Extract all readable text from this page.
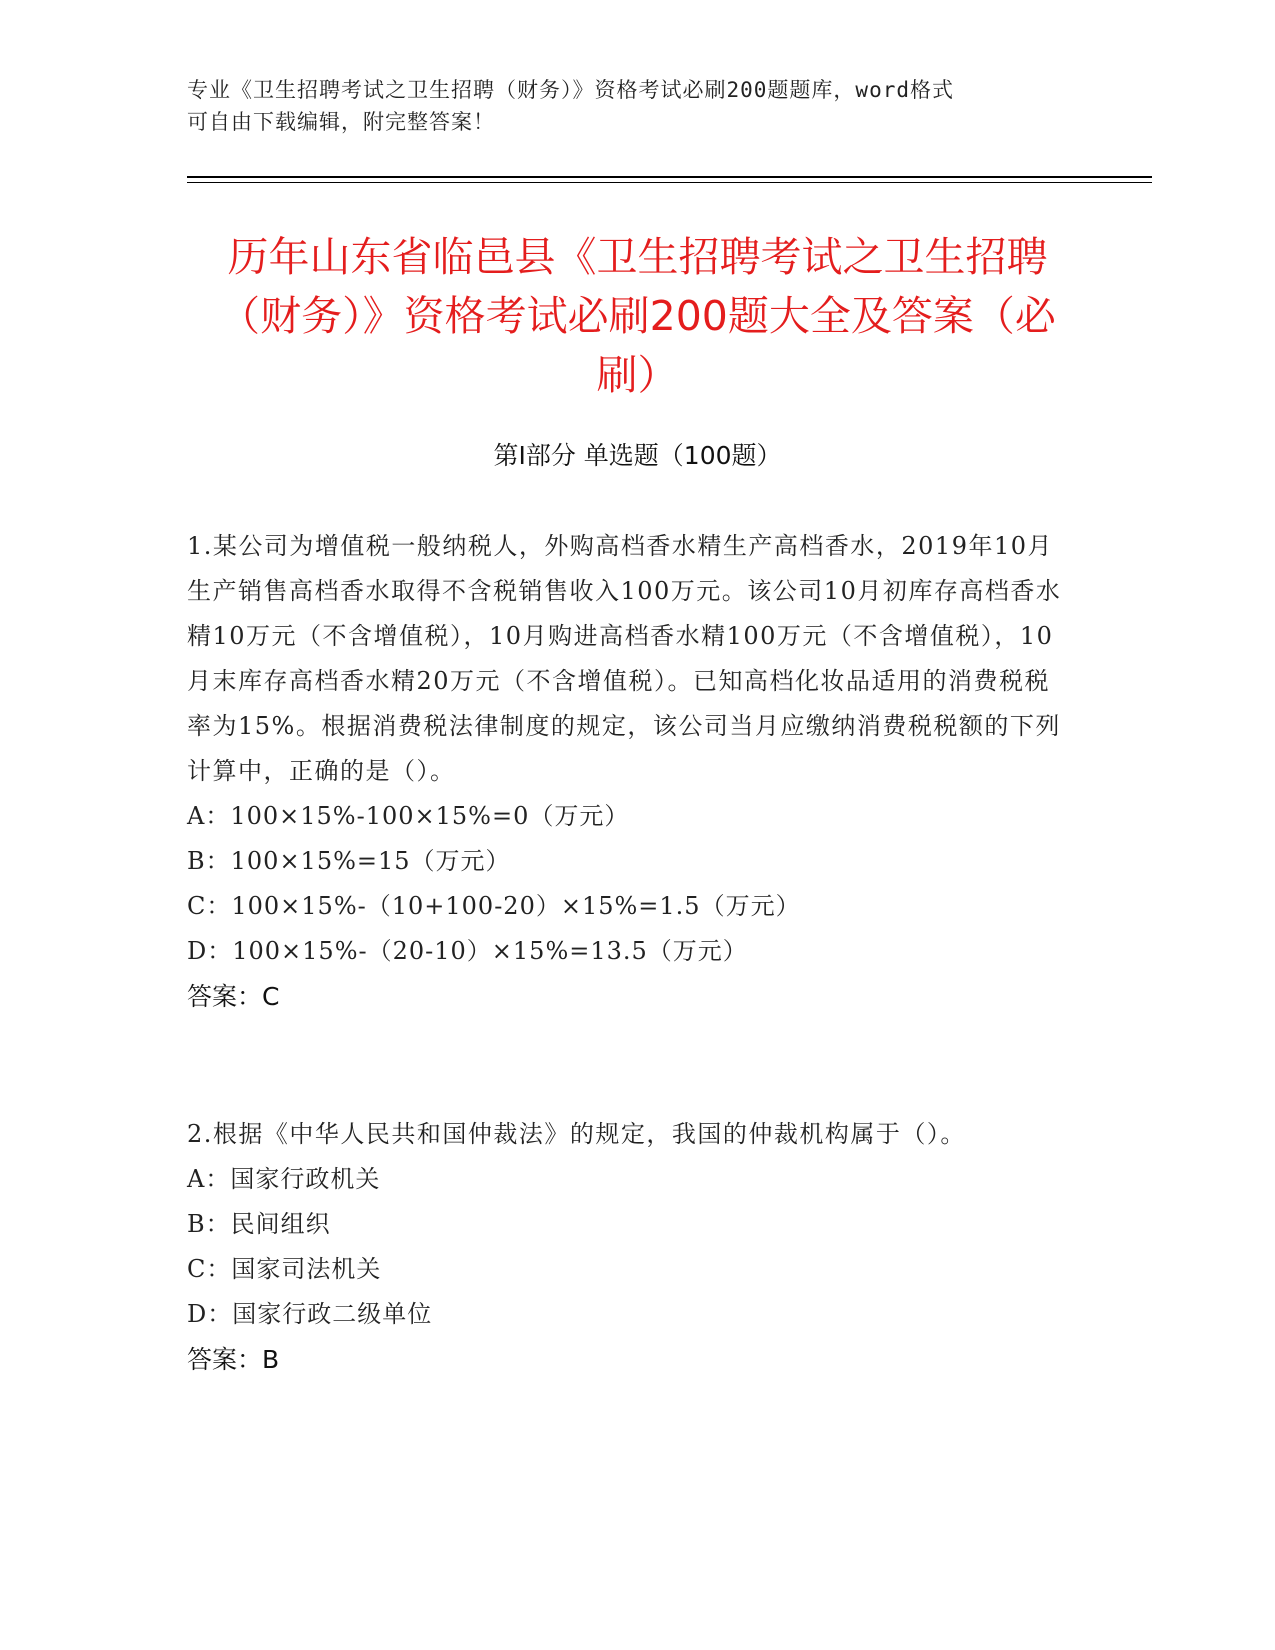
专业《卫生招聘考试之卫生招聘（财务）》资格考试必刷200题题库，word格式
可自由下载编辑，附完整答案！
历年山东省临邑县《卫生招聘考试之卫生招聘（财务）》资格考试必刷200题大全及答案（必刷）
第Ⅰ部分 单选题（100题）
1.某公司为增值税一般纳税人，外购高档香水精生产高档香水，2019年10月生产销售高档香水取得不含税销售收入100万元。该公司10月初库存高档香水精10万元（不含增值税），10月购进高档香水精100万元（不含增值税），10月末库存高档香水精20万元（不含增值税）。已知高档化妆品适用的消费税税率为15%。根据消费税法律制度的规定，该公司当月应缴纳消费税税额的下列计算中，正确的是（）。
A：100×15%-100×15%=0（万元）
B：100×15%=15（万元）
C：100×15%-（10+100-20）×15%=1.5（万元）
D：100×15%-（20-10）×15%=13.5（万元）
答案：C
2.根据《中华人民共和国仲裁法》的规定，我国的仲裁机构属于（）。
A：国家行政机关
B：民间组织
C：国家司法机关
D：国家行政二级单位
答案：B
